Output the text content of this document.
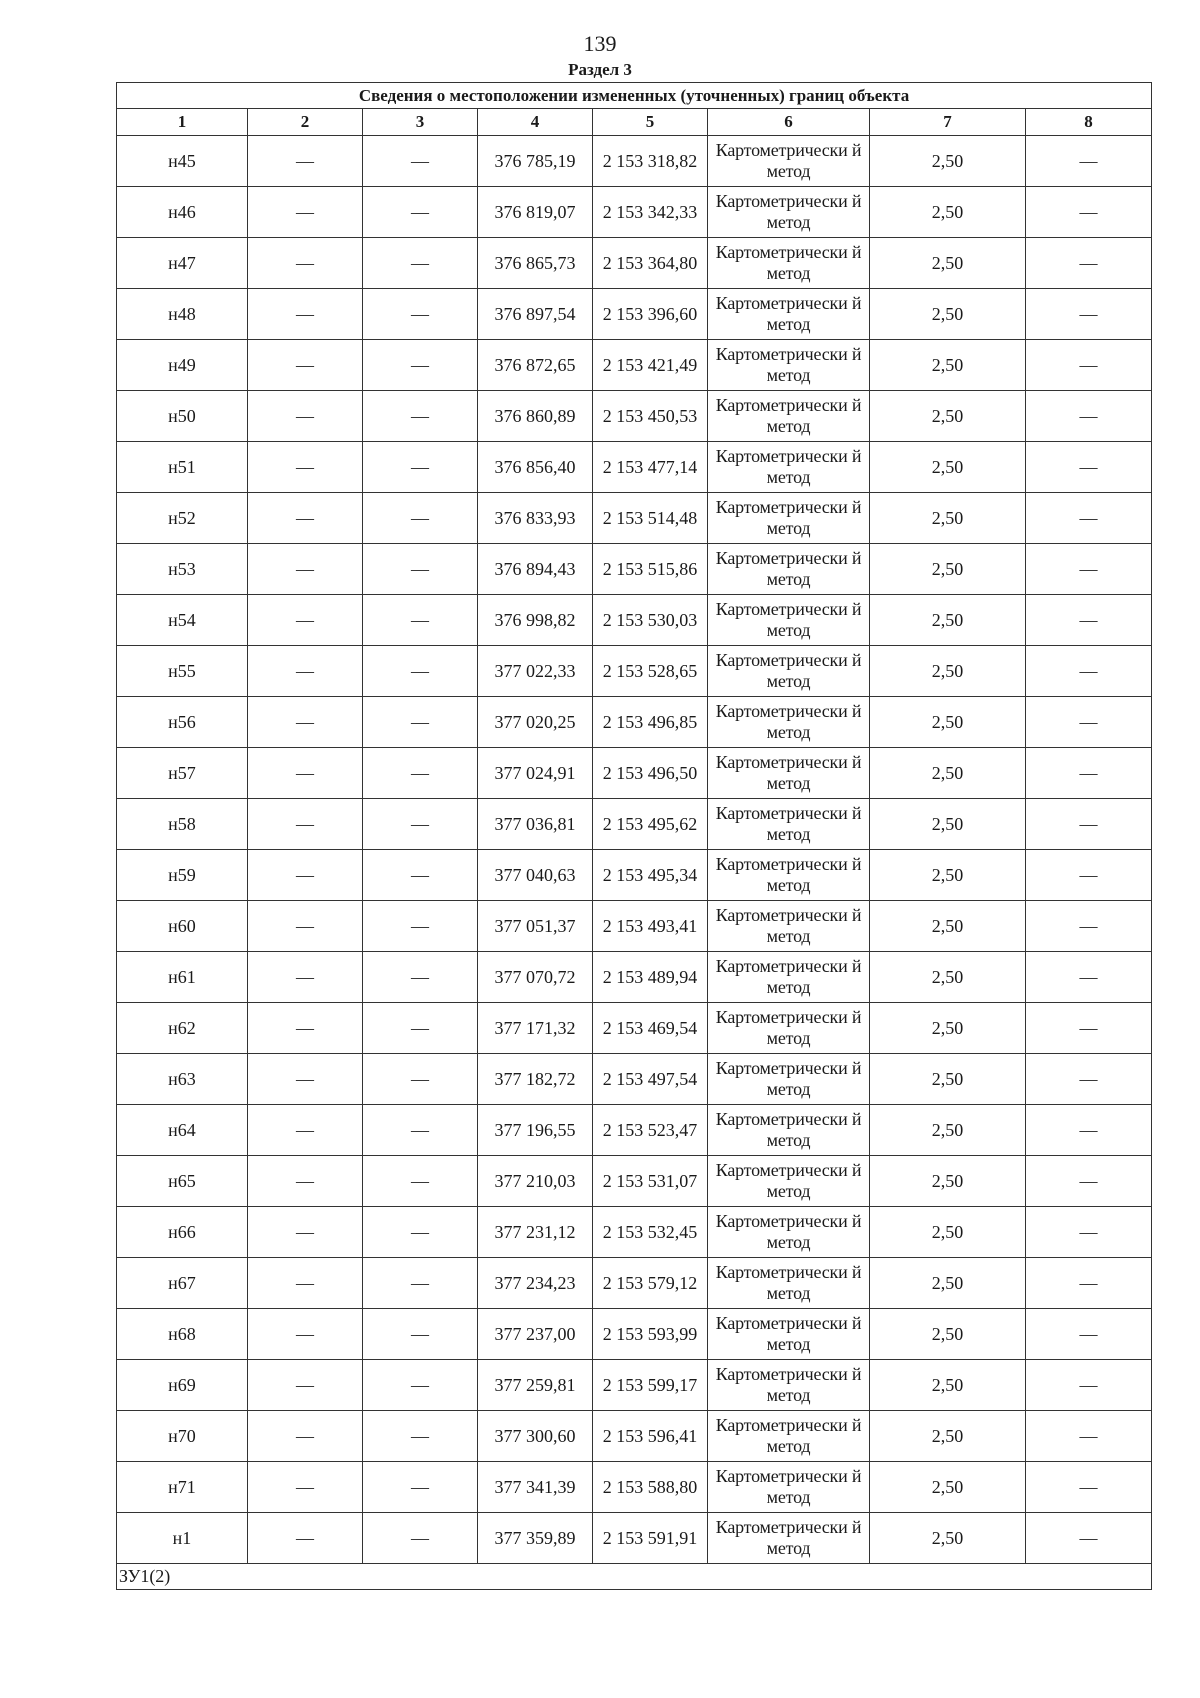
139
Раздел 3
Сведения о местоположении измененных (уточненных) границ объекта							
1	2	3	4	5	6	7	8
н45	—	—	376 785,19	2 153 318,82	Картометрически й метод	2,50	—
н46	—	—	376 819,07	2 153 342,33	Картометрически й метод	2,50	—
н47	—	—	376 865,73	2 153 364,80	Картометрически й метод	2,50	—
н48	—	—	376 897,54	2 153 396,60	Картометрически й метод	2,50	—
н49	—	—	376 872,65	2 153 421,49	Картометрически й метод	2,50	—
н50	—	—	376 860,89	2 153 450,53	Картометрически й метод	2,50	—
н51	—	—	376 856,40	2 153 477,14	Картометрически й метод	2,50	—
н52	—	—	376 833,93	2 153 514,48	Картометрически й метод	2,50	—
н53	—	—	376 894,43	2 153 515,86	Картометрически й метод	2,50	—
н54	—	—	376 998,82	2 153 530,03	Картометрически й метод	2,50	—
н55	—	—	377 022,33	2 153 528,65	Картометрически й метод	2,50	—
н56	—	—	377 020,25	2 153 496,85	Картометрически й метод	2,50	—
н57	—	—	377 024,91	2 153 496,50	Картометрически й метод	2,50	—
н58	—	—	377 036,81	2 153 495,62	Картометрически й метод	2,50	—
н59	—	—	377 040,63	2 153 495,34	Картометрически й метод	2,50	—
н60	—	—	377 051,37	2 153 493,41	Картометрически й метод	2,50	—
н61	—	—	377 070,72	2 153 489,94	Картометрически й метод	2,50	—
н62	—	—	377 171,32	2 153 469,54	Картометрически й метод	2,50	—
н63	—	—	377 182,72	2 153 497,54	Картометрически й метод	2,50	—
н64	—	—	377 196,55	2 153 523,47	Картометрически й метод	2,50	—
н65	—	—	377 210,03	2 153 531,07	Картометрически й метод	2,50	—
н66	—	—	377 231,12	2 153 532,45	Картометрически й метод	2,50	—
н67	—	—	377 234,23	2 153 579,12	Картометрически й метод	2,50	—
н68	—	—	377 237,00	2 153 593,99	Картометрически й метод	2,50	—
н69	—	—	377 259,81	2 153 599,17	Картометрически й метод	2,50	—
н70	—	—	377 300,60	2 153 596,41	Картометрически й метод	2,50	—
н71	—	—	377 341,39	2 153 588,80	Картометрически й метод	2,50	—
н1	—	—	377 359,89	2 153 591,91	Картометрически й метод	2,50	—
ЗУ1(2)							
